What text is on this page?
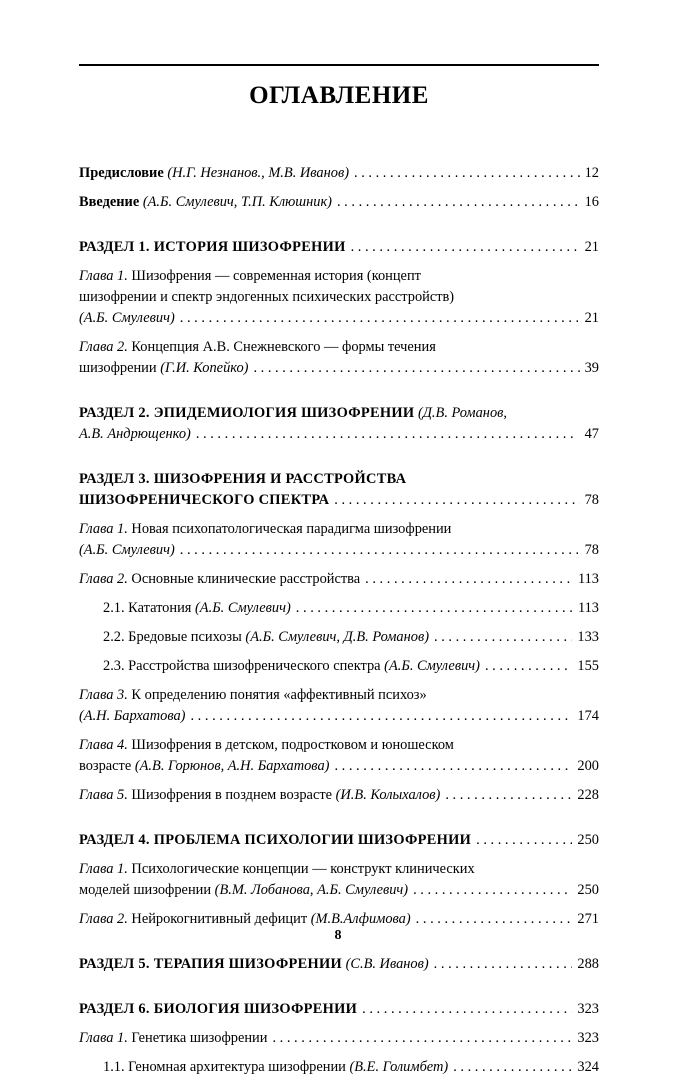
ОГЛАВЛЕНИЕ
Предисловие (Н.Г. Незнанов., М.В. Иванов) . . .	12
Введение (А.Б. Смулевич, Т.П. Клюшник) . . .	16
РАЗДЕЛ 1. ИСТОРИЯ ШИЗОФРЕНИИ . . .	21
Глава 1. Шизофрения — современная история (концепт
шизофрении и спектр эндогенных психических расстройств)
(А.Б. Смулевич) . . .	21
Глава 2. Концепция А.В. Снежневского — формы течения
шизофрении (Г.И. Копейко) . . .	39
РАЗДЕЛ 2. ЭПИДЕМИОЛОГИЯ ШИЗОФРЕНИИ (Д.В. Романов,
А.В. Андрющенко) . . .	47
РАЗДЕЛ 3. ШИЗОФРЕНИЯ И РАССТРОЙСТВА
ШИЗОФРЕНИЧЕСКОГО СПЕКТРА . . .	78
Глава 1. Новая психопатологическая парадигма шизофрении
(А.Б. Смулевич) . . .	78
Глава 2. Основные клинические расстройства . . .	113
2.1. Кататония (А.Б. Смулевич) . . .	113
2.2. Бредовые психозы (А.Б. Смулевич, Д.В. Романов) . . .	133
2.3. Расстройства шизофренического спектра (А.Б. Смулевич) . . .	155
Глава 3. К определению понятия «аффективный психоз»
(А.Н. Бархатова) . . .	174
Глава 4. Шизофрения в детском, подростковом и юношеском
возрасте (А.В. Горюнов, А.Н. Бархатова) . . .	200
Глава 5. Шизофрения в позднем возрасте (И.В. Колыхалов) . . .	228
РАЗДЕЛ 4. ПРОБЛЕМА ПСИХОЛОГИИ ШИЗОФРЕНИИ . . .	250
Глава 1. Психологические концепции — конструкт клинических
моделей шизофрении (В.М. Лобанова, А.Б. Смулевич) . . .	250
Глава 2. Нейрокогнитивный дефицит (М.В.Алфимова) . . .	271
РАЗДЕЛ 5. ТЕРАПИЯ ШИЗОФРЕНИИ (С.В. Иванов) . . .	288
РАЗДЕЛ 6. БИОЛОГИЯ ШИЗОФРЕНИИ . . .	323
Глава 1. Генетика шизофрении . . .	323
1.1. Геномная архитектура шизофрении (В.Е. Голимбет) . . .	324
8
